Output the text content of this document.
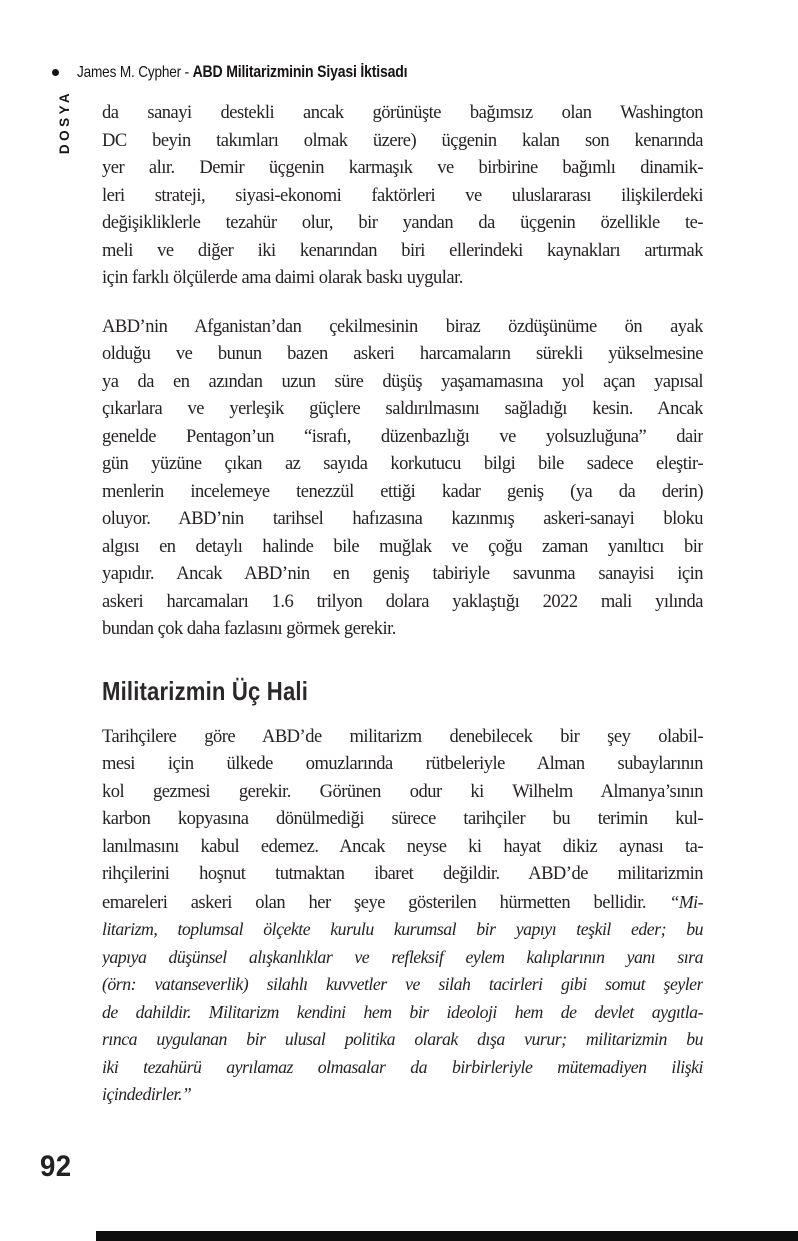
James M. Cypher - ABD Militarizminin Siyasi İktisadı
DOSYA da sanayi destekli ancak görünüşte bağımsız olan Washington
DC beyin takımları olmak üzere) üçgenin kalan son kenarında
yer alır. Demir üçgenin karmaşık ve birbirine bağımlı dinamik-
leri strateji, siyasi-ekonomi faktörleri ve uluslararası ilişkilerdeki
değişikliklerle tezahür olur, bir yandan da üçgenin özellikle te-
meli ve diğer iki kenarından biri ellerindeki kaynakları artırmak
için farklı ölçülerde ama daimi olarak baskı uygular.
ABD’nin Afganistan’dan çekilmesinin biraz özdüşünüme ön ayak
olduğu ve bunun bazen askeri harcamaların sürekli yükselmesine
ya da en azından uzun süre düşüş yaşamamasına yol açan yapısal
çıkarlara ve yerleşik güçlere saldırılmasını sağladığı kesin. Ancak
genelde Pentagon’un “israfı, düzenbazlığı ve yolsuzluğuna” dair
gün yüzüne çıkan az sayıda korkutucu bilgi bile sadece eleştir-
menlerin incelemeye tenezzül ettiği kadar geniş (ya da derin)
oluyor. ABD’nin tarihsel hafızasına kazınmış askeri-sanayi bloku
algısı en detaylı halinde bile muğlak ve çoğu zaman yanıltıcı bir
yapıdır. Ancak ABD’nin en geniş tabiriyle savunma sanayisi için
askeri harcamaları 1.6 trilyon dolara yaklaştığı 2022 mali yılında
bundan çok daha fazlasını görmek gerekir.
Militarizmin Üç Hali
Tarihçilere göre ABD’de militarizm denebilecek bir şey olabil-
mesi için ülkede omuzlarında rütbeleriyle Alman subaylarının
kol gezmesi gerekir. Görünen odur ki Wilhelm Almanya’sının
karbon kopyasına dönülmediği sürece tarihçiler bu terimin kul-
lanılmasını kabul edemez. Ancak neyse ki hayat dikiz aynası ta-
rihçilerini hoşnut tutmaktan ibaret değildir. ABD’de militarizmin
emareleri askeri olan her şeye gösterilen hürmetten bellidir. “Mi-
litarizm, toplumsal ölçekte kurulu kurumsal bir yapıyı teşkil eder; bu
yapıya düşünsel alışkanlıklar ve refleksif eylem kalıplarının yanı sıra
(örn: vatanseverlik) silahlı kuvvetler ve silah tacirleri gibi somut şeyler
de dahildir. Militarizm kendini hem bir ideoloji hem de devlet aygıtla-
rınca uygulanan bir ulusal politika olarak dışa vurur; militarizmin bu
iki tezahürü ayrılamaz olmasalar da birbirleriyle mütemadiyen ilişki
içindedirler.”
92
